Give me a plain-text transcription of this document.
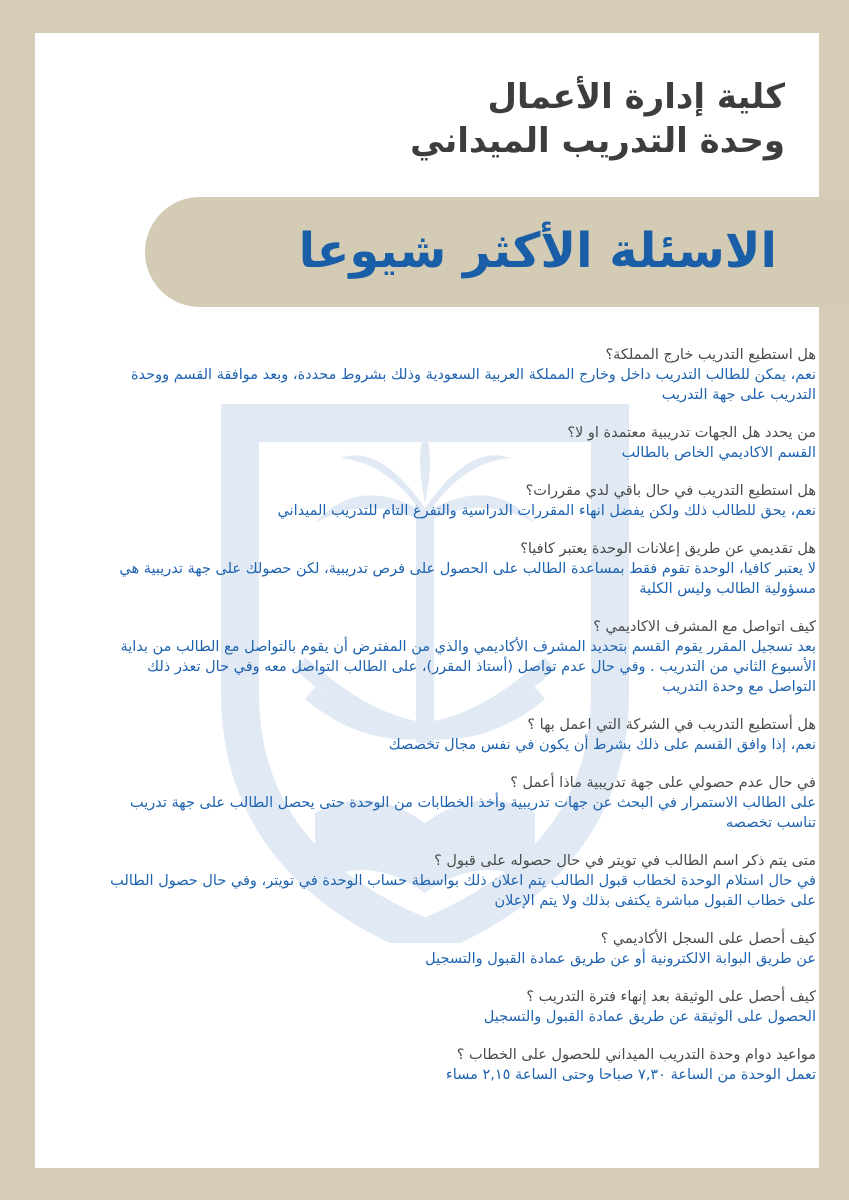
كلية إدارة الأعمال
وحدة التدريب الميداني
الاسئلة الأكثر شيوعا
هل استطيع التدريب خارج المملكة؟
نعم، يمكن للطالب التدريب داخل وخارج المملكة العربية السعودية وذلك بشروط محددة، وبعد موافقة القسم ووحدة التدريب على جهة التدريب
من يحدد هل الجهات تدريبية معتمدة او لا؟
القسم الاكاديمي الخاص بالطالب
هل استطيع التدريب في حال باقي لدي مقررات؟
نعم، يحق للطالب ذلك ولكن يفضل انهاء المقررات الدراسية والتفرغ التام للتدريب الميداني
هل تقديمي عن طريق إعلانات الوحدة يعتبر كافيا؟
لا يعتبر كافيا، الوحدة تقوم فقط بمساعدة الطالب على الحصول على فرص تدريبية، لكن حصولك على جهة تدريبية هي مسؤولية الطالب وليس الكلية
كيف اتواصل مع المشرف الاكاديمي ؟
بعد تسجيل المقرر يقوم القسم بتحديد المشرف الأكاديمي والذي من المفترض أن يقوم بالتواصل مع الطالب من بداية الأسبوع الثاني من التدريب . وفي حال عدم تواصل (أستاذ المقرر)، على الطالب التواصل معه وفي حال تعذر ذلك التواصل مع وحدة التدريب
هل أستطيع التدريب في الشركة التي اعمل بها ؟
نعم، إذا وافق القسم على ذلك بشرط أن يكون في نفس مجال تخصصك
في حال عدم حصولي على جهة تدريبية ماذا أعمل ؟
على الطالب الاستمرار في البحث عن جهات تدريبية وأخذ الخطابات من الوحدة حتى يحصل الطالب على جهة تدريب تناسب تخصصه
متى يتم ذكر اسم الطالب في تويتر في حال حصوله على قبول ؟
في حال استلام الوحدة لخطاب قبول الطالب يتم اعلان ذلك بواسطة حساب الوحدة في تويتر، وفي حال حصول الطالب على خطاب القبول مباشرة يكتفى بذلك ولا يتم الإعلان
كيف أحصل على السجل الأكاديمي ؟
عن طريق البوابة الالكترونية أو عن طريق عمادة القبول والتسجيل
كيف أحصل على الوثيقة بعد إنهاء فترة التدريب ؟
الحصول على الوثيقة عن طريق عمادة القبول والتسجيل
مواعيد دوام وحدة التدريب الميداني للحصول على الخطاب ؟
تعمل الوحدة من الساعة ٧,٣٠ صباحا وحتى الساعة ٢,١٥ مساء
